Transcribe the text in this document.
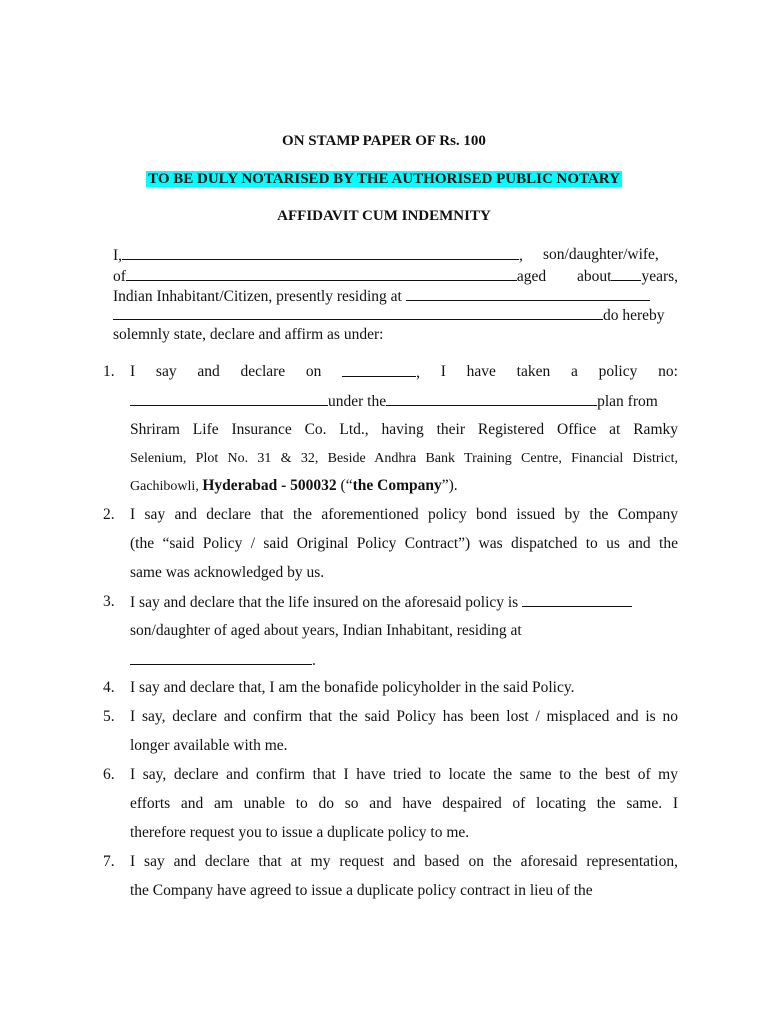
ON STAMP PAPER OF Rs. 100
TO BE DULY NOTARISED BY THE AUTHORISED PUBLIC NOTARY
AFFIDAVIT CUM INDEMNITY
I,	, son/daughter/wife,
of	aged about years,
Indian Inhabitant/Citizen, presently residing at
do hereby
solemnly state, declare and affirm as under:
1. I say and declare on	, I have taken a policy no:
under the	plan from
Shriram Life Insurance Co. Ltd., having their Registered Office at Ramky
Selenium, Plot No. 31 & 32, Beside Andhra Bank Training Centre, Financial District,
Gachibowli, Hyderabad - 500032 (“the Company”).
2. I say and declare that the aforementioned policy bond issued by the Company
(the “said Policy / said Original Policy Contract”) was dispatched to us and the
same was acknowledged by us.
3. I say and declare that the life insured on the aforesaid policy is
son/daughter of aged about years, Indian Inhabitant, residing at
.
4. I say and declare that, I am the bonafide policyholder in the said Policy.
5. I say, declare and confirm that the said Policy has been lost / misplaced and is no
longer available with me.
6. I say, declare and confirm that I have tried to locate the same to the best of my
efforts and am unable to do so and have despaired of locating the same. I
therefore request you to issue a duplicate policy to me.
7. I say and declare that at my request and based on the aforesaid representation,
the Company have agreed to issue a duplicate policy contract in lieu of the
